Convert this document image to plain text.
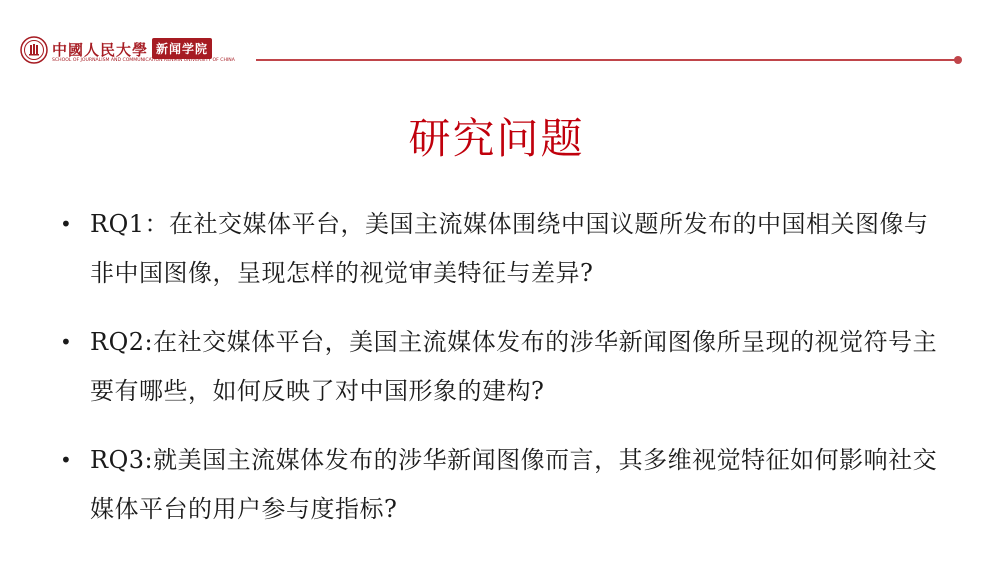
中國人民大學 新闻学院
SCHOOL OF JOURNALISM AND COMMUNICATION RENMIN UNIVERSITY OF CHINA
研究问题
• RQ1：在社交媒体平台，美国主流媒体围绕中国议题所发布的中国相关图像与非中国图像，呈现怎样的视觉审美特征与差异?
• RQ2:在社交媒体平台，美国主流媒体发布的涉华新闻图像所呈现的视觉符号主要有哪些，如何反映了对中国形象的建构?
• RQ3:就美国主流媒体发布的涉华新闻图像而言，其多维视觉特征如何影响社交媒体平台的用户参与度指标?
